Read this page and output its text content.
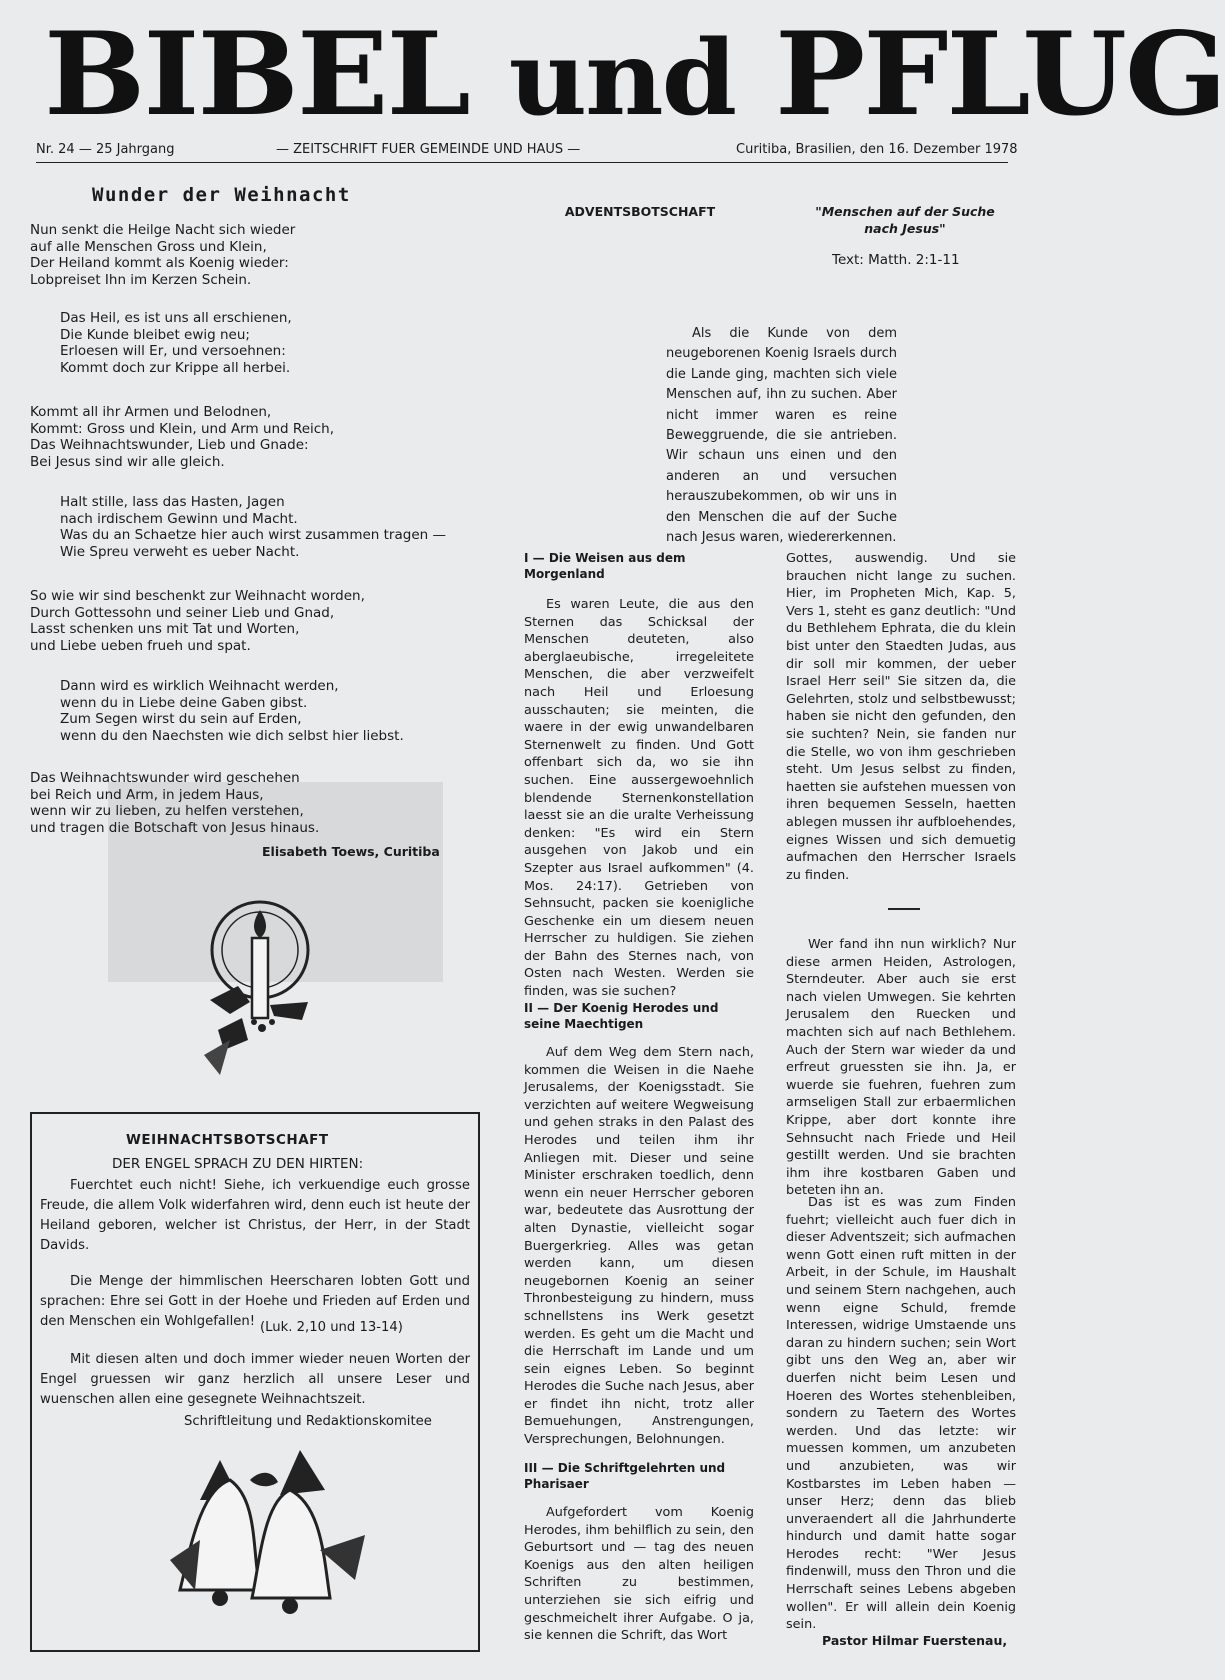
BIBEL und PFLUG
Nr. 24 — 25 Jahrgang	— ZEITSCHRIFT FUER GEMEINDE UND HAUS —	Curitiba, Brasilien, den 16. Dezember 1978
Wunder der Weihnacht
Nun senkt die Heilge Nacht sich wieder
auf alle Menschen Gross und Klein,
Der Heiland kommt als Koenig wieder:
Lobpreiset Ihn im Kerzen Schein.
Das Heil, es ist uns all erschienen,
Die Kunde bleibet ewig neu;
Erloesen will Er, und versoehnen:
Kommt doch zur Krippe all herbei.
Kommt all ihr Armen und Belodnen,
Kommt: Gross und Klein, und Arm und Reich,
Das Weihnachtswunder, Lieb und Gnade:
Bei Jesus sind wir alle gleich.
Halt stille, lass das Hasten, Jagen
nach irdischem Gewinn und Macht.
Was du an Schaetze hier auch wirst zusammen tragen —
Wie Spreu verweht es ueber Nacht.
So wie wir sind beschenkt zur Weihnacht worden,
Durch Gottessohn und seiner Lieb und Gnad,
Lasst schenken uns mit Tat und Worten,
und Liebe ueben frueh und spat.
Dann wird es wirklich Weihnacht werden,
wenn du in Liebe deine Gaben gibst.
Zum Segen wirst du sein auf Erden,
wenn du den Naechsten wie dich selbst hier liebst.
Das Weihnachtswunder wird geschehen
bei Reich und Arm, in jedem Haus,
wenn wir zu lieben, zu helfen verstehen,
und tragen die Botschaft von Jesus hinaus.
Elisabeth Toews, Curitiba
WEIHNACHTSBOTSCHAFT
DER ENGEL SPRACH ZU DEN HIRTEN:
Fuerchtet euch nicht! Siehe, ich verkuendige euch grosse Freude, die allem Volk widerfahren wird, denn euch ist heute der Heiland geboren, welcher ist Christus, der Herr, in der Stadt Davids.
Die Menge der himmlischen Heerscharen lobten Gott und sprachen: Ehre sei Gott in der Hoehe und Frieden auf Erden und den Menschen ein Wohlgefallen! (Luk. 2,10 und 13-14)
Mit diesen alten und doch immer wieder neuen Worten der Engel gruessen wir ganz herzlich all unsere Leser und wuenschen allen eine gesegnete Weihnachtszeit.
Schriftleitung und Redaktionskomitee
ADVENTSBOTSCHAFT
Als die Kunde von dem neugeborenen Koenig Israels durch die Lande ging, machten sich viele Menschen auf, ihn zu suchen. Aber nicht immer waren es reine Beweggruende, die sie antrieben. Wir schaun uns einen und den anderen an und versuchen herauszubekommen, ob wir uns in den Menschen die auf der Suche nach Jesus waren, wiedererkennen.
I — Die Weisen aus dem Morgenland
Es waren Leute, die aus den Sternen das Schicksal der Menschen deuteten, also aberglaeubische, irregeleitete Menschen, die aber verzweifelt nach Heil und Erloesung ausschauten; sie meinten, die waere in der ewig unwandelbaren Sternenwelt zu finden. Und Gott offenbart sich da, wo sie ihn suchen. Eine aussergewoehnlich blendende Sternenkonstellation laesst sie an die uralte Verheissung denken: "Es wird ein Stern ausgehen von Jakob und ein Szepter aus Israel aufkommen" (4. Mos. 24:17). Getrieben von Sehnsucht, packen sie koenigliche Geschenke ein um diesem neuen Herrscher zu huldigen. Sie ziehen der Bahn des Sternes nach, von Osten nach Westen. Werden sie finden, was sie suchen?
II — Der Koenig Herodes und seine Maechtigen
Auf dem Weg dem Stern nach, kommen die Weisen in die Naehe Jerusalems, der Koenigsstadt. Sie verzichten auf weitere Wegweisung und gehen straks in den Palast des Herodes und teilen ihm ihr Anliegen mit. Dieser und seine Minister erschraken toedlich, denn wenn ein neuer Herrscher geboren war, bedeutete das Ausrottung der alten Dynastie, vielleicht sogar Buergerkrieg. Alles was getan werden kann, um diesen neugebornen Koenig an seiner Thronbesteigung zu hindern, muss schnellstens ins Werk gesetzt werden. Es geht um die Macht und die Herrschaft im Lande und um sein eignes Leben. So beginnt Herodes die Suche nach Jesus, aber er findet ihn nicht, trotz aller Bemuehungen, Anstrengungen, Versprechungen, Belohnungen.
III — Die Schriftgelehrten und Pharisaer
Aufgefordert vom Koenig Herodes, ihm behilflich zu sein, den Geburtsort und — tag des neuen Koenigs aus den alten heiligen Schriften zu bestimmen, unterziehen sie sich eifrig und geschmeichelt ihrer Aufgabe. O ja, sie kennen die Schrift, das Wort
"Menschen auf der Suche nach Jesus"
Text: Matth. 2:1-11
Gottes, auswendig. Und sie brauchen nicht lange zu suchen. Hier, im Propheten Mich, Kap. 5, Vers 1, steht es ganz deutlich: "Und du Bethlehem Ephrata, die du klein bist unter den Staedten Judas, aus dir soll mir kommen, der ueber Israel Herr seil" Sie sitzen da, die Gelehrten, stolz und selbstbewusst; haben sie nicht den gefunden, den sie suchten? Nein, sie fanden nur die Stelle, wo von ihm geschrieben steht. Um Jesus selbst zu finden, haetten sie aufstehen muessen von ihren bequemen Sesseln, haetten ablegen mussen ihr aufbloehendes, eignes Wissen und sich demuetig aufmachen den Herrscher Israels zu finden.
Wer fand ihn nun wirklich? Nur diese armen Heiden, Astrologen, Sterndeuter. Aber auch sie erst nach vielen Umwegen. Sie kehrten Jerusalem den Ruecken und machten sich auf nach Bethlehem. Auch der Stern war wieder da und erfreut gruessten sie ihn. Ja, er wuerde sie fuehren, fuehren zum armseligen Stall zur erbaermlichen Krippe, aber dort konnte ihre Sehnsucht nach Friede und Heil gestillt werden. Und sie brachten ihm ihre kostbaren Gaben und beteten ihn an.
Das ist es was zum Finden fuehrt; vielleicht auch fuer dich in dieser Adventszeit; sich aufmachen wenn Gott einen ruft mitten in der Arbeit, in der Schule, im Haushalt und seinem Stern nachgehen, auch wenn eigne Schuld, fremde Interessen, widrige Umstaende uns daran zu hindern suchen; sein Wort gibt uns den Weg an, aber wir duerfen nicht beim Lesen und Hoeren des Wortes stehenbleiben, sondern zu Taetern des Wortes werden. Und das letzte: wir muessen kommen, um anzubeten und anzubieten, was wir Kostbarstes im Leben haben — unser Herz; denn das blieb unveraendert all die Jahrhunderte hindurch und damit hatte sogar Herodes recht: "Wer Jesus findenwill, muss den Thron und die Herrschaft seines Lebens abgeben wollen". Er will allein dein Koenig sein.
Pastor Hilmar Fuerstenau,
